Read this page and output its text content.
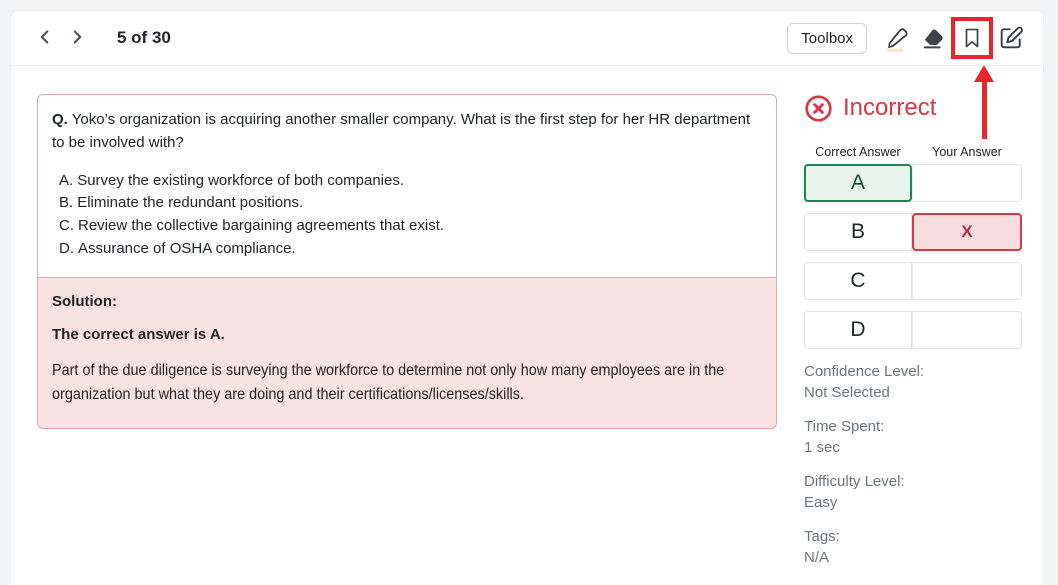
5 of 30	Toolbox
Q. Yoko’s organization is acquiring another smaller company. What is the first step for her HR department to be involved with?
A. Survey the existing workforce of both companies.
B. Eliminate the redundant positions.
C. Review the collective bargaining agreements that exist.
D. Assurance of OSHA compliance.
Solution:
The correct answer is A.
Part of the due diligence is surveying the workforce to determine not only how many employees are in the organization but what they are doing and their certifications/licenses/skills.
Incorrect
Correct Answer	Your Answer
A
B	X
C
D
Confidence Level:
Not Selected
Time Spent:
1 sec
Difficulty Level:
Easy
Tags:
N/A
